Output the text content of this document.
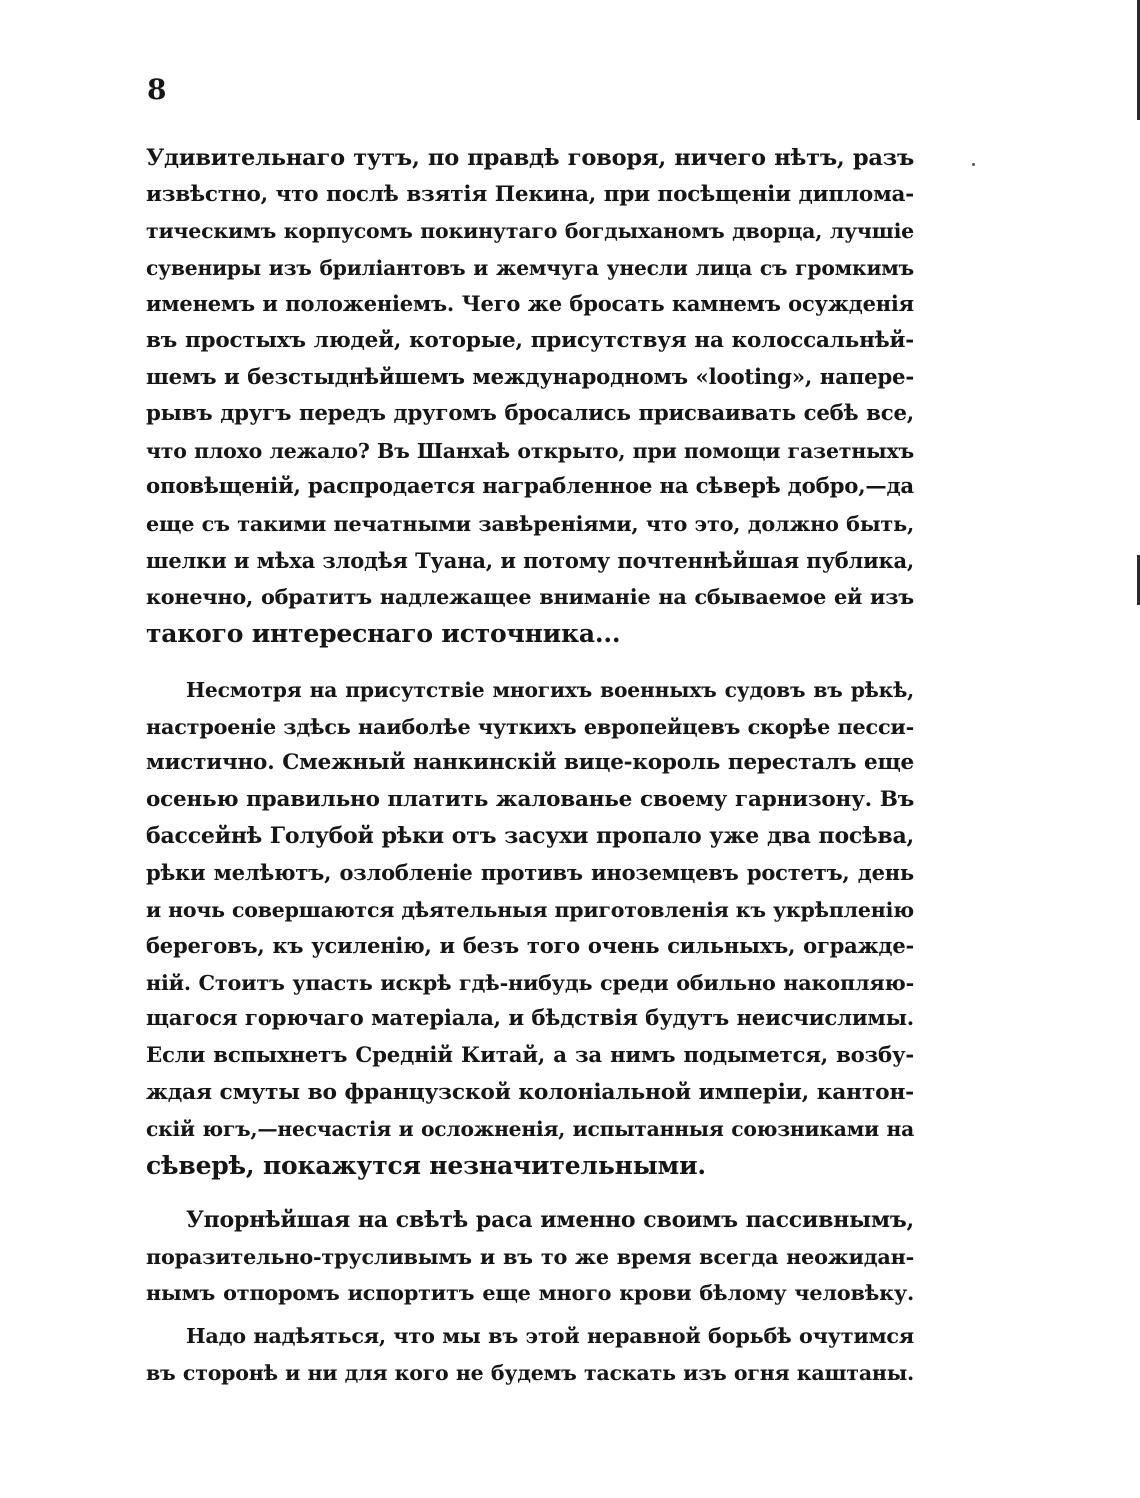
8
Удивительнаго тутъ, по правдѣ говоря, ничего нѣтъ, разъ
извѣстно, что послѣ взятія Пекина, при посѣщеніи диплома-
тическимъ корпусомъ покинутаго богдыханомъ дворца, лучшіе
сувениры изъ бриліантовъ и жемчуга унесли лица съ громкимъ
именемъ и положеніемъ. Чего же бросать камнемъ осужденія
въ простыхъ людей, которые, присутствуя на колоссальнѣй-
шемъ и безстыднѣйшемъ международномъ «looting», напере-
рывъ другъ передъ другомъ бросались присваивать себѣ все,
что плохо лежало? Въ Шанхаѣ открыто, при помощи газетныхъ
оповѣщеній, распродается награбленное на сѣверѣ добро,—да
еще съ такими печатными завѣреніями, что это, должно быть,
шелки и мѣха злодѣя Туана, и потому почтеннѣйшая публика,
конечно, обратитъ надлежащее вниманіе на сбываемое ей изъ
такого интереснаго источника...
Несмотря на присутствіе многихъ военныхъ судовъ въ рѣкѣ,
настроеніе здѣсь наиболѣе чуткихъ европейцевъ скорѣе песси-
мистично. Смежный нанкинскій вице-король пересталъ еще
осенью правильно платить жалованье своему гарнизону. Въ
бассейнѣ Голубой рѣки отъ засухи пропало уже два посѣва,
рѣки мелѣютъ, озлобленіе противъ иноземцевъ ростетъ, день
и ночь совершаются дѣятельныя приготовленія къ укрѣпленію
береговъ, къ усиленію, и безъ того очень сильныхъ, огражде-
ній. Стоитъ упасть искрѣ гдѣ-нибудь среди обильно накопляю-
щагося горючаго матеріала, и бѣдствія будутъ неисчислимы.
Если вспыхнетъ Средній Китай, а за нимъ подымется, возбу-
ждая смуты во французской колоніальной имперіи, кантон-
скій югъ,—несчастія и осложненія, испытанныя союзниками на
сѣверѣ, покажутся незначительными.
Упорнѣйшая на свѣтѣ раса именно своимъ пассивнымъ,
поразительно-трусливымъ и въ то же время всегда неожидан-
нымъ отпоромъ испортитъ еще много крови бѣлому человѣку.
Надо надѣяться, что мы въ этой неравной борьбѣ очутимся
въ сторонѣ и ни для кого не будемъ таскать изъ огня каштаны.
